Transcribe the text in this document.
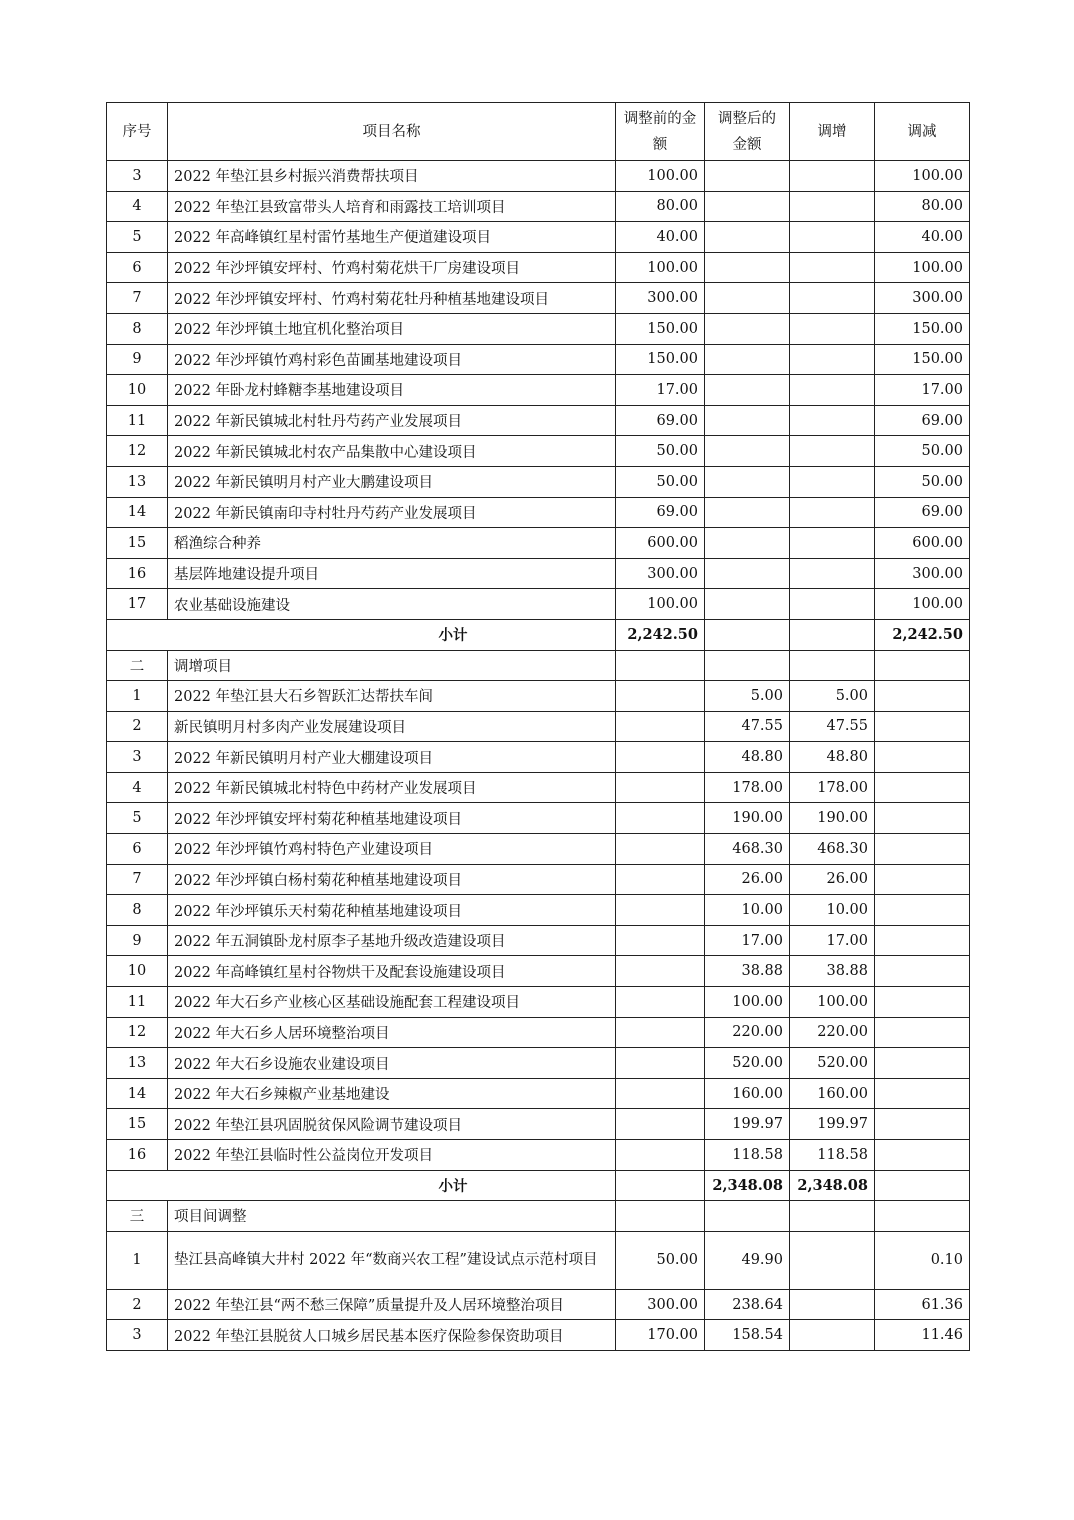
序号	项目名称	调整前的金额	调整后的金额	调增	调减
3	2022 年垫江县乡村振兴消费帮扶项目	100.00			100.00
4	2022 年垫江县致富带头人培育和雨露技工培训项目	80.00			80.00
5	2022 年高峰镇红星村雷竹基地生产便道建设项目	40.00			40.00
6	2022 年沙坪镇安坪村、竹鸡村菊花烘干厂房建设项目	100.00			100.00
7	2022 年沙坪镇安坪村、竹鸡村菊花牡丹种植基地建设项目	300.00			300.00
8	2022 年沙坪镇土地宜机化整治项目	150.00			150.00
9	2022 年沙坪镇竹鸡村彩色苗圃基地建设项目	150.00			150.00
10	2022 年卧龙村蜂糖李基地建设项目	17.00			17.00
11	2022 年新民镇城北村牡丹芍药产业发展项目	69.00			69.00
12	2022 年新民镇城北村农产品集散中心建设项目	50.00			50.00
13	2022 年新民镇明月村产业大鹏建设项目	50.00			50.00
14	2022 年新民镇南印寺村牡丹芍药产业发展项目	69.00			69.00
15	稻渔综合种养	600.00			600.00
16	基层阵地建设提升项目	300.00			300.00
17	农业基础设施建设	100.00			100.00
小计		2,242.50			2,242.50
二	调增项目				
1	2022 年垫江县大石乡智跃汇达帮扶车间		5.00	5.00	
2	新民镇明月村多肉产业发展建设项目		47.55	47.55	
3	2022 年新民镇明月村产业大棚建设项目		48.80	48.80	
4	2022 年新民镇城北村特色中药材产业发展项目		178.00	178.00	
5	2022 年沙坪镇安坪村菊花种植基地建设项目		190.00	190.00	
6	2022 年沙坪镇竹鸡村特色产业建设项目		468.30	468.30	
7	2022 年沙坪镇白杨村菊花种植基地建设项目		26.00	26.00	
8	2022 年沙坪镇乐天村菊花种植基地建设项目		10.00	10.00	
9	2022 年五洞镇卧龙村原李子基地升级改造建设项目		17.00	17.00	
10	2022 年高峰镇红星村谷物烘干及配套设施建设项目		38.88	38.88	
11	2022 年大石乡产业核心区基础设施配套工程建设项目		100.00	100.00	
12	2022 年大石乡人居环境整治项目		220.00	220.00	
13	2022 年大石乡设施农业建设项目		520.00	520.00	
14	2022 年大石乡辣椒产业基地建设		160.00	160.00	
15	2022 年垫江县巩固脱贫保风险调节建设项目		199.97	199.97	
16	2022 年垫江县临时性公益岗位开发项目		118.58	118.58	
小计			2,348.08	2,348.08	
三	项目间调整				
1	垫江县高峰镇大井村 2022 年“数商兴农工程”建设试点示范村项目	50.00	49.90		0.10
2	2022 年垫江县“两不愁三保障”质量提升及人居环境整治项目	300.00	238.64		61.36
3	2022 年垫江县脱贫人口城乡居民基本医疗保险参保资助项目	170.00	158.54		11.46
